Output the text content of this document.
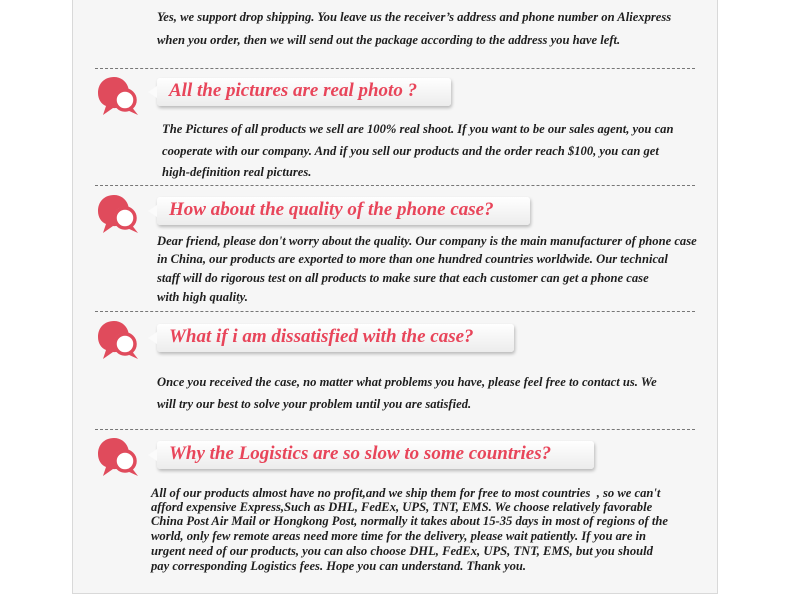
Yes, we support drop shipping. You leave us the receiver’s address and phone number on Aliexpress

when you order, then we will send out the package according to the address you have left.

All the pictures are real photo ?

The Pictures of all products we sell are 100% real shoot. If you want to be our sales agent, you can

cooperate with our company. And if you sell our products and the order reach $100, you can get

high-definition real pictures.

How about the quality of the phone case?

Dear friend, please don't worry about the quality. Our company is the main manufacturer of phone case

in China, our products are exported to more than one hundred countries worldwide. Our technical

staff will do rigorous test on all products to make sure that each customer can get a phone case

with high quality.

What if i am dissatisfied with the case?

Once you received the case, no matter what problems you have, please feel free to contact us. We

will try our best to solve your problem until you are satisfied.

Why the Logistics are so slow to some countries?

All of our products almost have no profit,and we ship them for free to most countries  , so we can't

afford expensive Express,Such as DHL, FedEx, UPS, TNT, EMS. We choose relatively favorable

China Post Air Mail or Hongkong Post, normally it takes about 15-35 days in most of regions of the

world, only few remote areas need more time for the delivery, please wait patiently. If you are in

urgent need of our products, you can also choose DHL, FedEx, UPS, TNT, EMS, but you should

pay corresponding Logistics fees. Hope you can understand. Thank you.
